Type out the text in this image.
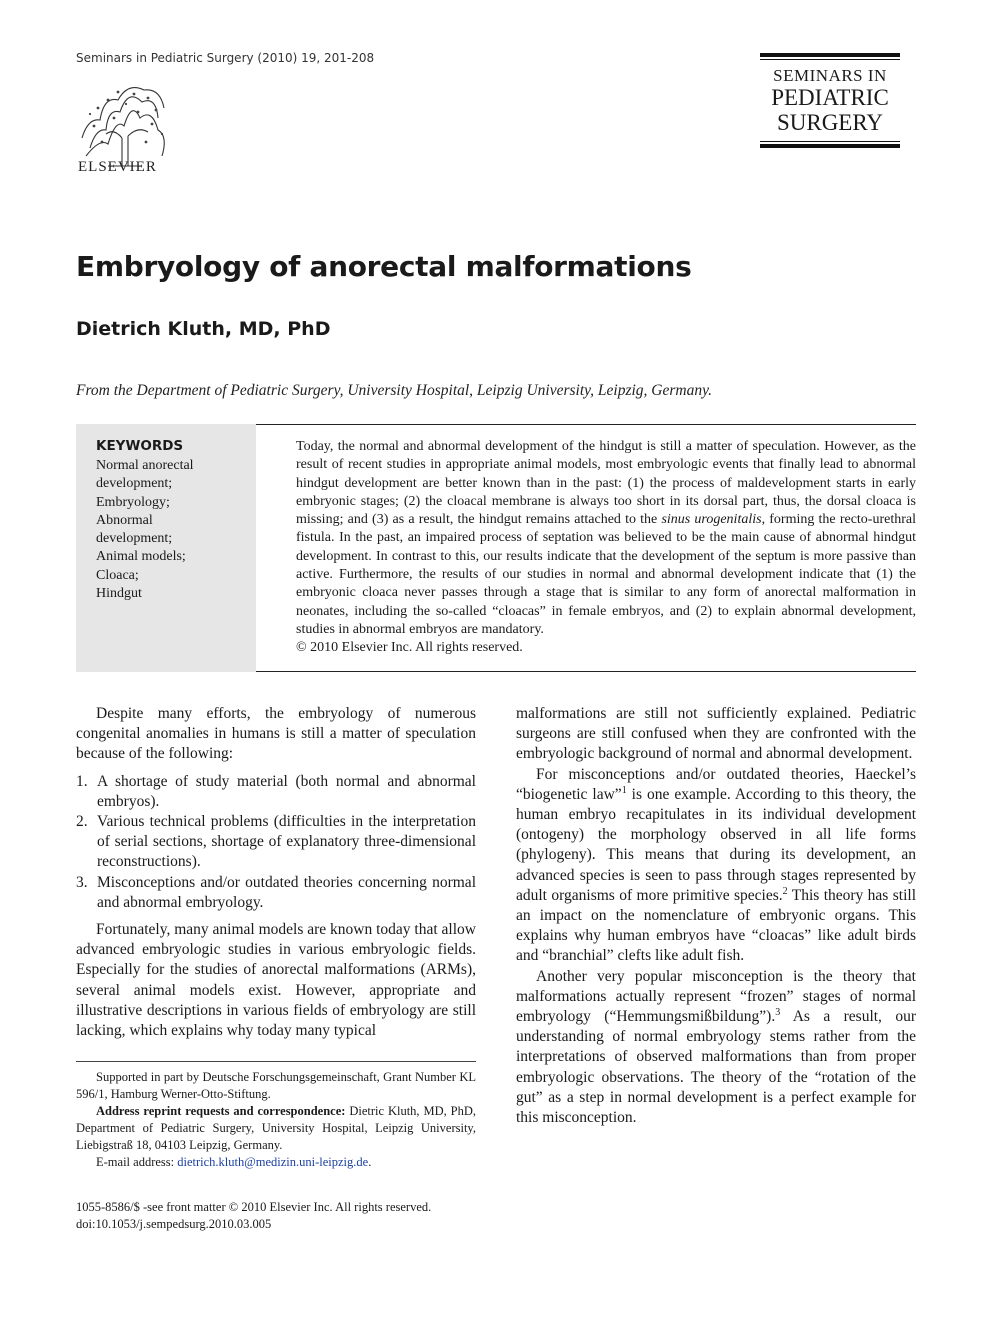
Seminars in Pediatric Surgery (2010) 19, 201-208
ELSEVIER
SEMINARS IN
PEDIATRIC
SURGERY
Embryology of anorectal malformations
Dietrich Kluth, MD, PhD
From the Department of Pediatric Surgery, University Hospital, Leipzig University, Leipzig, Germany.
KEYWORDS
Normal anorectal
development;
Embryology;
Abnormal
development;
Animal models;
Cloaca;
Hindgut

Today, the normal and abnormal development of the hindgut is still a matter of speculation. However, as the result of recent studies in appropriate animal models, most embryologic events that finally lead to abnormal hindgut development are better known than in the past: (1) the process of maldevelopment starts in early embryonic stages; (2) the cloacal membrane is always too short in its dorsal part, thus, the dorsal cloaca is missing; and (3) as a result, the hindgut remains attached to the sinus urogenitalis, forming the recto-urethral fistula. In the past, an impaired process of septation was believed to be the main cause of abnormal hindgut development. In contrast to this, our results indicate that the development of the septum is more passive than active. Furthermore, the results of our studies in normal and abnormal development indicate that (1) the embryonic cloaca never passes through a stage that is similar to any form of anorectal malformation in neonates, including the so-called “cloacas” in female embryos, and (2) to explain abnormal development, studies in abnormal embryos are mandatory.

© 2010 Elsevier Inc. All rights reserved.

Despite many efforts, the embryology of numerous congenital anomalies in humans is still a matter of speculation because of the following:

1. A shortage of study material (both normal and abnormal embryos).
2. Various technical problems (difficulties in the interpretation of serial sections, shortage of explanatory three-dimensional reconstructions).
3. Misconceptions and/or outdated theories concerning normal and abnormal embryology.

Fortunately, many animal models are known today that allow advanced embryologic studies in various embryologic fields. Especially for the studies of anorectal malformations (ARMs), several animal models exist. However, appropriate and illustrative descriptions in various fields of embryology are still lacking, which explains why today many typical

malformations are still not sufficiently explained. Pediatric surgeons are still confused when they are confronted with the embryologic background of normal and abnormal development.

For misconceptions and/or outdated theories, Haeckel’s “biogenetic law”$^1$ is one example. According to this theory, the human embryo recapitulates in its individual development (ontogeny) the morphology observed in all life forms (phylogeny). This means that during its development, an advanced species is seen to pass through stages represented by adult organisms of more primitive species.$^2$ This theory has still an impact on the nomenclature of embryonic organs. This explains why human embryos have “cloacas” like adult birds and “branchial” clefts like adult fish.

Another very popular misconception is the theory that malformations actually represent “frozen” stages of normal embryology (“Hemmungsmißbildung”).$^3$ As a result, our understanding of normal embryology stems rather from the interpretations of observed malformations than from proper embryologic observations. The theory of the “rotation of the gut” as a step in normal development is a perfect example for this misconception.

Supported in part by Deutsche Forschungsgemeinschaft, Grant Number KL 596/1, Hamburg Werner-Otto-Stiftung.

Address reprint requests and correspondence: Dietric Kluth, MD, PhD, Department of Pediatric Surgery, University Hospital, Leipzig University, Liebigstraß 18, 04103 Leipzig, Germany.

E-mail address: dietrich.kluth@medizin.uni-leipzig.de.

1055-8586/$ -see front matter © 2010 Elsevier Inc. All rights reserved.
doi:10.1053/j.sempedsurg.2010.03.005
